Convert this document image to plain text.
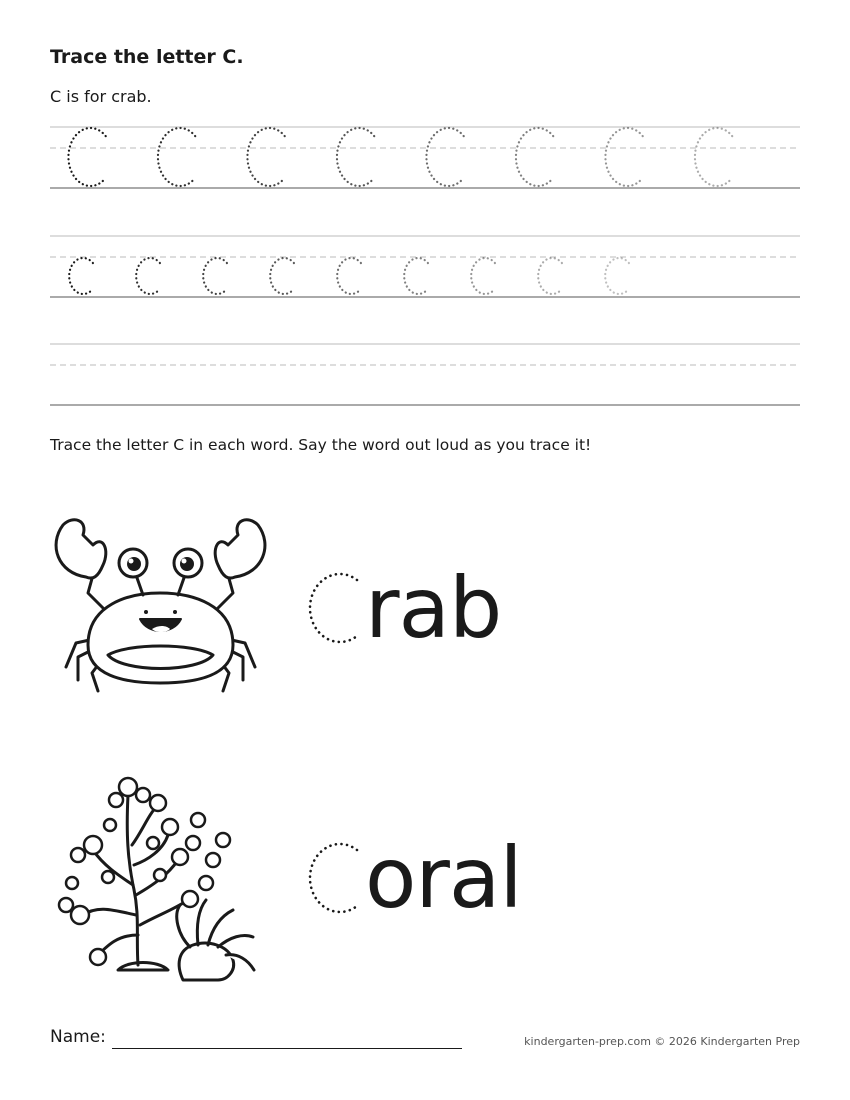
Trace the letter C.

C is for crab.

Trace the letter C in each word. Say the word out loud as you trace it!

rab
oral
Name:	kindergarten-prep.com © 2026 Kindergarten Prep
